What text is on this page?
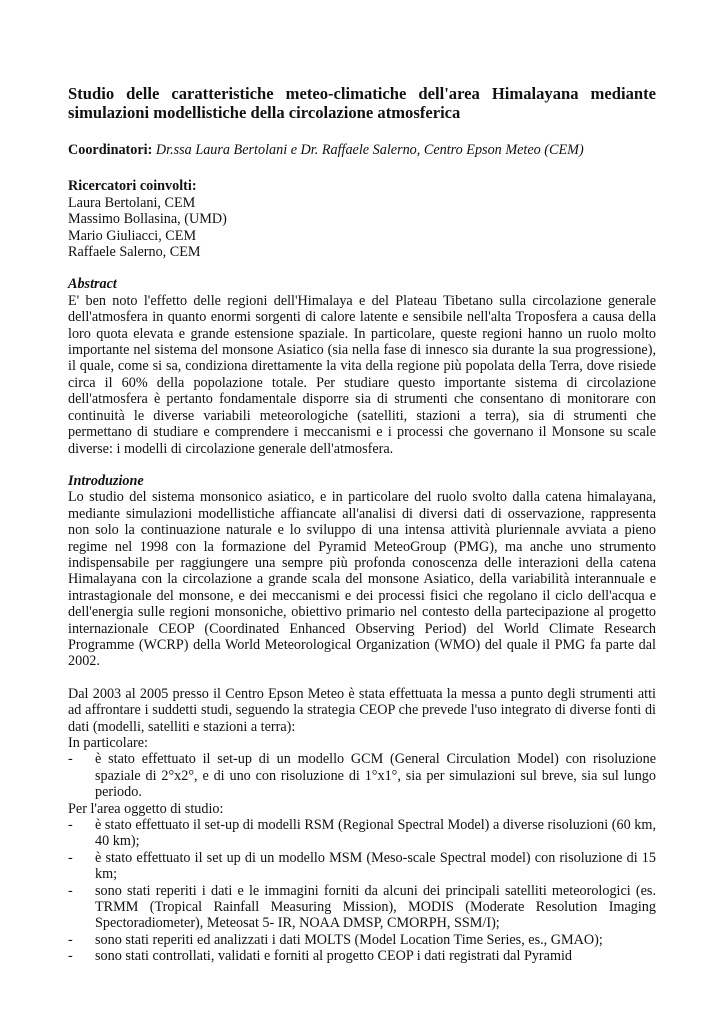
Studio delle caratteristiche meteo-climatiche dell'area Himalayana mediante simulazioni modellistiche della circolazione atmosferica
Coordinatori: Dr.ssa Laura Bertolani e Dr. Raffaele Salerno, Centro Epson Meteo (CEM)
Ricercatori coinvolti:
Laura Bertolani, CEM
Massimo Bollasina, (UMD)
Mario Giuliacci, CEM
Raffaele Salerno, CEM
Abstract

E' ben noto l'effetto delle regioni dell'Himalaya e del Plateau Tibetano sulla circolazione generale dell'atmosfera in quanto enormi sorgenti di calore latente e sensibile nell'alta Troposfera a causa della loro quota elevata e grande estensione spaziale. In particolare, queste regioni hanno un ruolo molto importante nel sistema del monsone Asiatico (sia nella fase di innesco sia durante la sua progressione), il quale, come si sa, condiziona direttamente la vita della regione più popolata della Terra, dove risiede circa il 60% della popolazione totale. Per studiare questo importante sistema di circolazione dell'atmosfera è pertanto fondamentale disporre sia di strumenti che consentano di monitorare con continuità le diverse variabili meteorologiche (satelliti, stazioni a terra), sia di strumenti che permettano di studiare e comprendere i meccanismi e i processi che governano il Monsone su scale diverse: i modelli di circolazione generale dell'atmosfera.

Introduzione

Lo studio del sistema monsonico asiatico, e in particolare del ruolo svolto dalla catena himalayana, mediante simulazioni modellistiche affiancate all'analisi di diversi dati di osservazione, rappresenta non solo la continuazione naturale e lo sviluppo di una intensa attività pluriennale avviata a pieno regime nel 1998 con la formazione del Pyramid MeteoGroup (PMG), ma anche uno strumento indispensabile per raggiungere una sempre più profonda conoscenza delle interazioni della catena Himalayana con la circolazione a grande scala del monsone Asiatico, della variabilità interannuale e intrastagionale del monsone, e dei meccanismi e dei processi fisici che regolano il ciclo dell'acqua e dell'energia sulle regioni monsoniche, obiettivo primario nel contesto della partecipazione al progetto internazionale CEOP (Coordinated Enhanced Observing Period) del World Climate Research Programme (WCRP) della World Meteorological Organization (WMO) del quale il PMG fa parte dal 2002.

Dal 2003 al 2005 presso il Centro Epson Meteo è stata effettuata la messa a punto degli strumenti atti ad affrontare i suddetti studi, seguendo la strategia CEOP che prevede l'uso integrato di diverse fonti di dati (modelli, satelliti e stazioni a terra):

In particolare:
- è stato effettuato il set-up di un modello GCM (General Circulation Model) con risoluzione spaziale di 2°x2°, e di uno con risoluzione di 1°x1°, sia per simulazioni sul breve, sia sul lungo periodo.
Per l'area oggetto di studio:
- è stato effettuato il set-up di modelli RSM (Regional Spectral Model) a diverse risoluzioni (60 km, 40 km);
- è stato effettuato il set up di un modello MSM (Meso-scale Spectral model) con risoluzione di 15 km;
- sono stati reperiti i dati e le immagini forniti da alcuni dei principali satelliti meteorologici (es. TRMM (Tropical Rainfall Measuring Mission), MODIS (Moderate Resolution Imaging Spectoradiometer), Meteosat 5- IR, NOAA DMSP, CMORPH, SSM/I);
- sono stati reperiti ed analizzati i dati MOLTS (Model Location Time Series, es., GMAO);
- sono stati controllati, validati e forniti al progetto CEOP i dati registrati dal Pyramid
